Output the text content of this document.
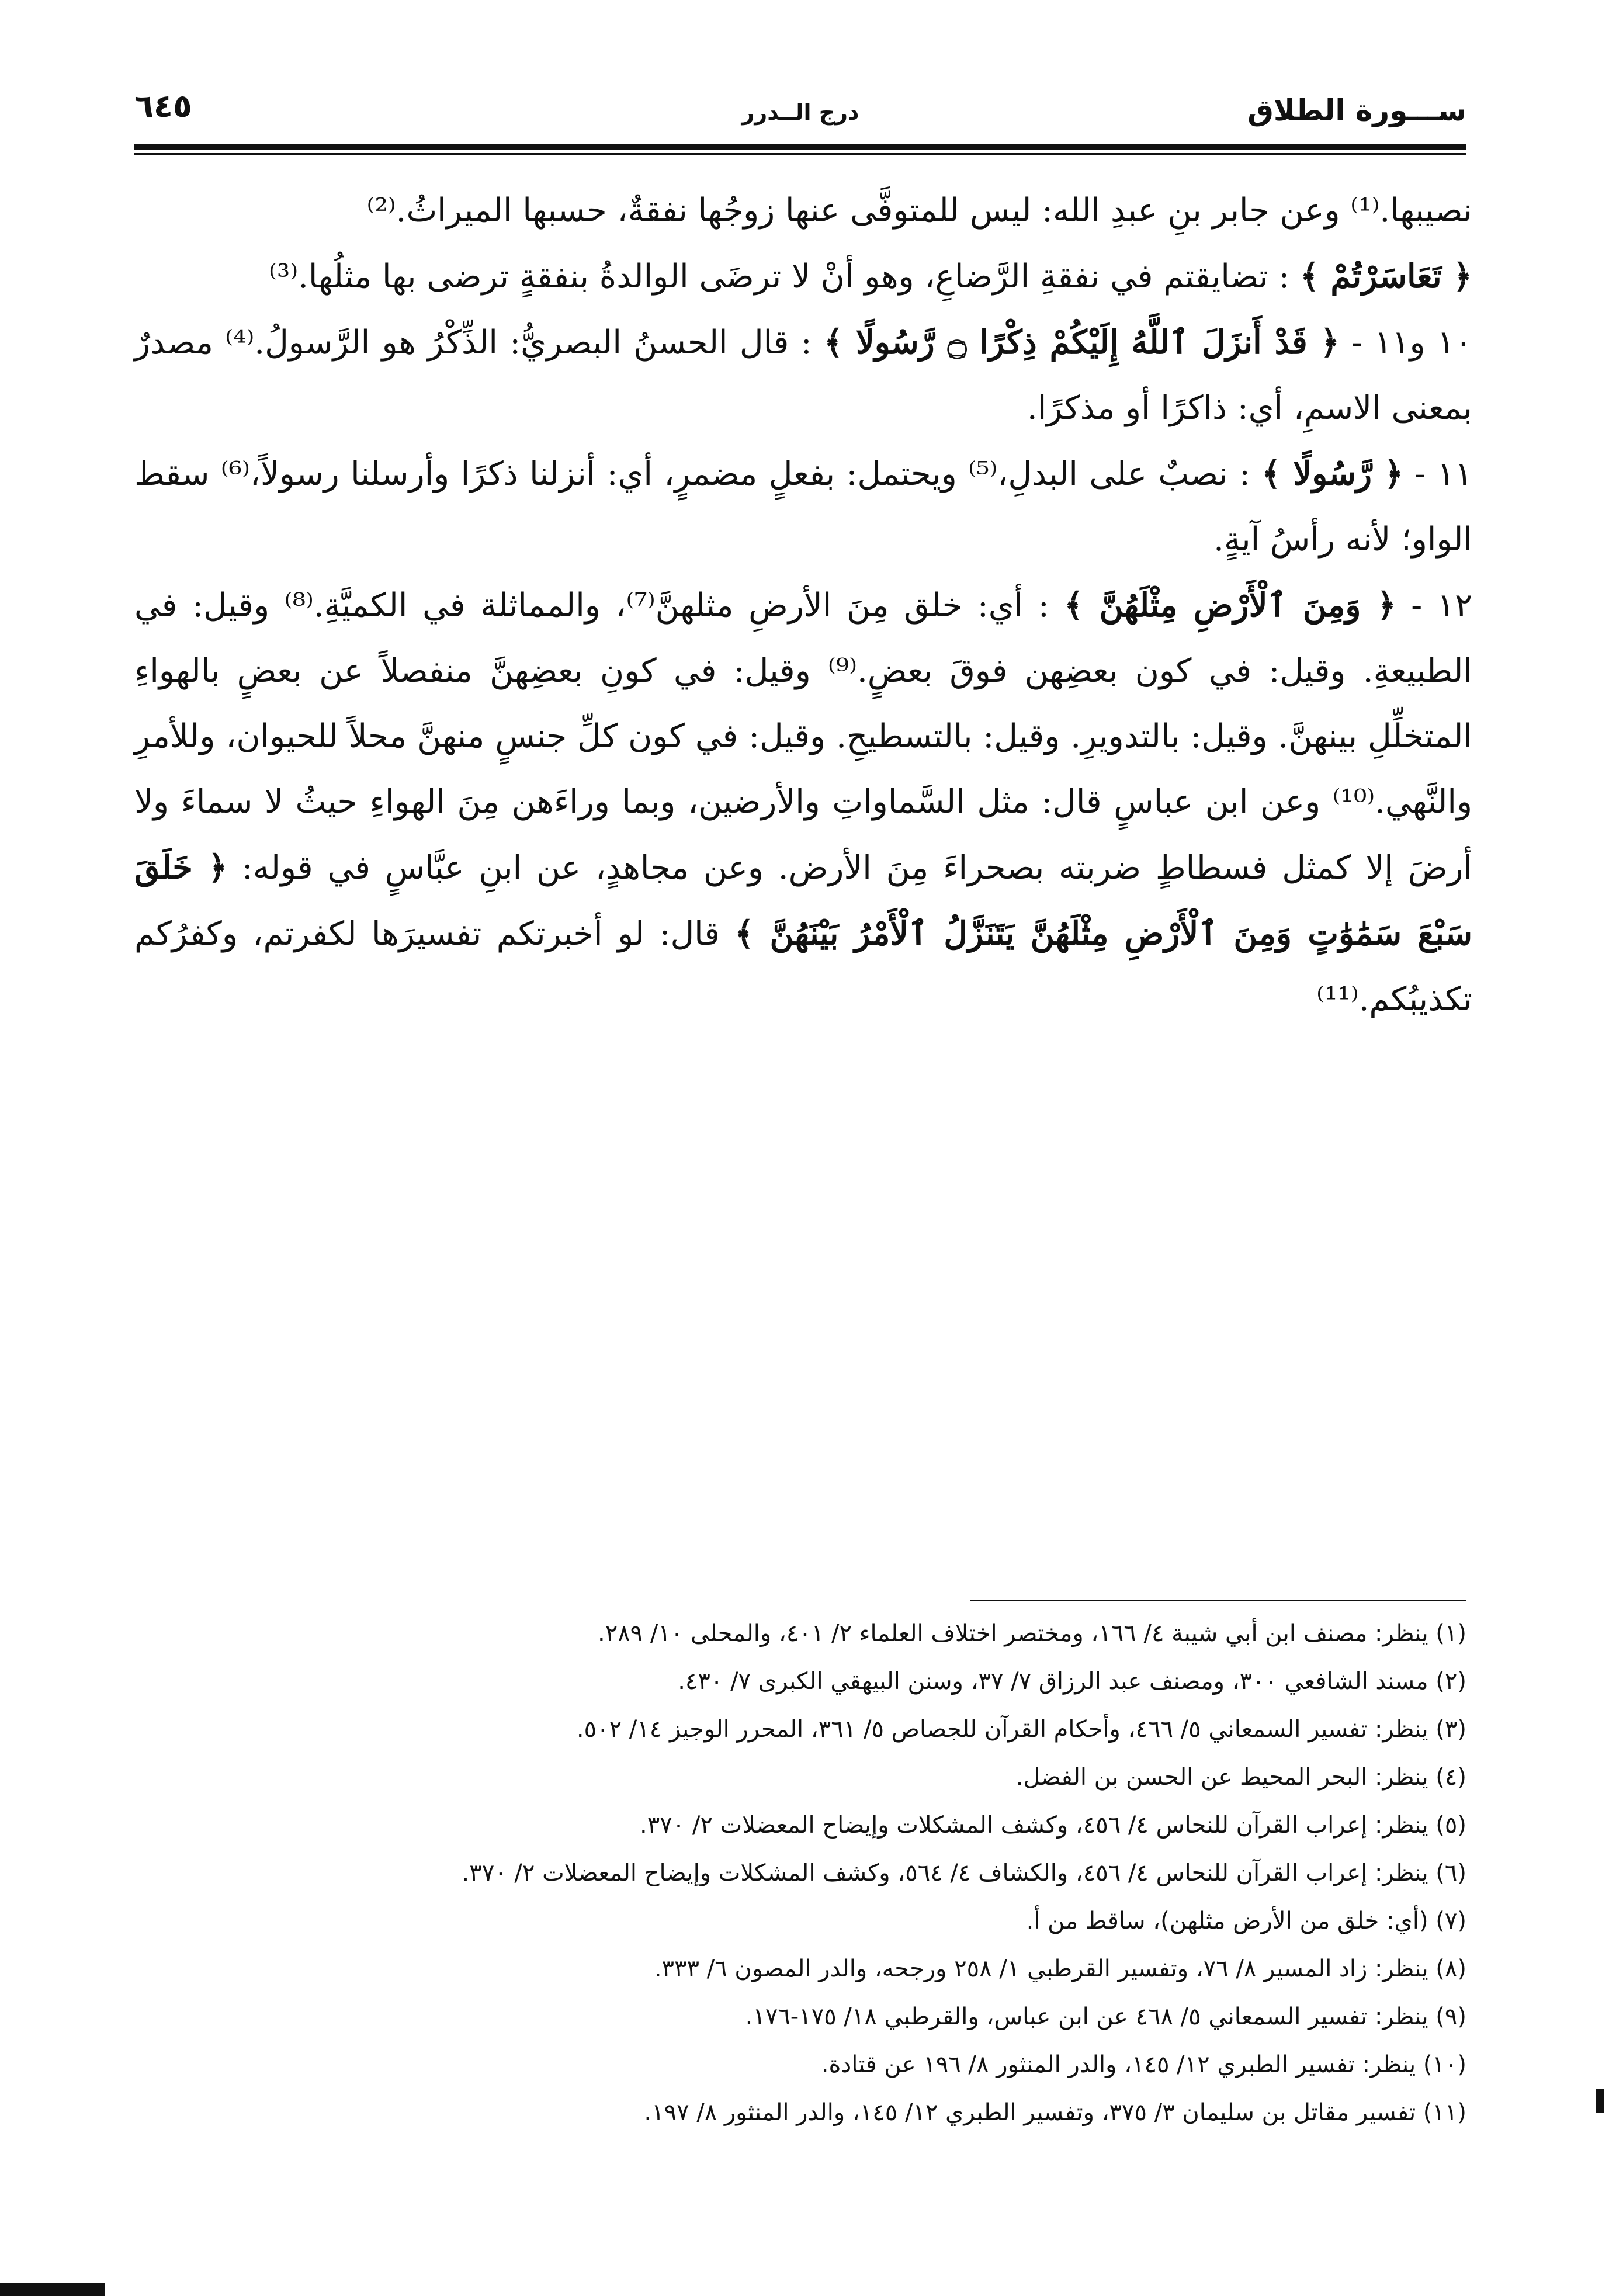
ســـورة الطلاق
درج الــدرر
٦٤٥

نصيبها.⁽¹⁾ وعن جابر بنِ عبدِ الله: ليس للمتوفَّى عنها زوجُها نفقةٌ، حسبها الميراثُ.⁽²⁾

﴿ تَعَاسَرْتُمْ ﴾ : تضايقتم في نفقةِ الرَّضاعِ، وهو أنْ لا ترضَى الوالدةُ بنفقةٍ ترضى بها مثلُها.⁽³⁾

١٠ و١١ - ﴿ قَدْ أَنزَلَ ٱللَّهُ إِلَيْكُمْ ذِكْرًا ۝ رَّسُولًا ﴾ : قال الحسنُ البصريُّ: الذِّكْرُ هو الرَّسولُ.⁽⁴⁾ مصدرٌ بمعنى الاسمِ، أي: ذاكرًا أو مذكرًا.

١١ - ﴿ رَّسُولًا ﴾ : نصبٌ على البدلِ،⁽⁵⁾ ويحتمل: بفعلٍ مضمرٍ، أي: أنزلنا ذكرًا وأرسلنا رسولاً،⁽⁶⁾ سقط الواو؛ لأنه رأسُ آيةٍ.

١٢ - ﴿ وَمِنَ ٱلْأَرْضِ مِثْلَهُنَّ ﴾ : أي: خلق مِنَ الأرضِ مثلهنَّ⁽⁷⁾، والمماثلة في الكميَّةِ.⁽⁸⁾ وقيل: في الطبيعةِ. وقيل: في كون بعضِهن فوقَ بعضٍ.⁽⁹⁾ وقيل: في كونِ بعضِهنَّ منفصلاً عن بعضٍ بالهواءِ المتخلِّلِ بينهنَّ. وقيل: بالتدويرِ. وقيل: بالتسطيحِ. وقيل: في كون كلِّ جنسٍ منهنَّ محلاً للحيوان، وللأمرِ والنَّهي.⁽¹⁰⁾ وعن ابن عباسٍ قال: مثل السَّماواتِ والأرضين، وبما وراءَهن مِنَ الهواءِ حيثُ لا سماءَ ولا أرضَ إلا كمثل فسطاطٍ ضربته بصحراءَ مِنَ الأرض. وعن مجاهدٍ، عن ابنِ عبَّاسٍ في قوله: ﴿ خَلَقَ سَبْعَ سَمَٰوَٰتٍ وَمِنَ ٱلْأَرْضِ مِثْلَهُنَّ يَتَنَزَّلُ ٱلْأَمْرُ بَيْنَهُنَّ ﴾ قال: لو أخبرتكم تفسيرَها لكفرتم، وكفرُكم تكذيبُكم.⁽¹¹⁾

(١) ينظر: مصنف ابن أبي شيبة ٤/ ١٦٦، ومختصر اختلاف العلماء ٢/ ٤٠١، والمحلى ١٠/ ٢٨٩.
(٢) مسند الشافعي ٣٠٠، ومصنف عبد الرزاق ٧/ ٣٧، وسنن البيهقي الكبرى ٧/ ٤٣٠.
(٣) ينظر: تفسير السمعاني ٥/ ٤٦٦، وأحكام القرآن للجصاص ٥/ ٣٦١، المحرر الوجيز ١٤/ ٥٠٢.
(٤) ينظر: البحر المحيط عن الحسن بن الفضل.
(٥) ينظر: إعراب القرآن للنحاس ٤/ ٤٥٦، وكشف المشكلات وإيضاح المعضلات ٢/ ٣٧٠.
(٦) ينظر: إعراب القرآن للنحاس ٤/ ٤٥٦، والكشاف ٤/ ٥٦٤، وكشف المشكلات وإيضاح المعضلات ٢/ ٣٧٠.
(٧) (أي: خلق من الأرض مثلهن)، ساقط من أ.
(٨) ينظر: زاد المسير ٨/ ٧٦، وتفسير القرطبي ١/ ٢٥٨ ورجحه، والدر المصون ٦/ ٣٣٣.
(٩) ينظر: تفسير السمعاني ٥/ ٤٦٨ عن ابن عباس، والقرطبي ١٨/ ١٧٥-١٧٦.
(١٠) ينظر: تفسير الطبري ١٢/ ١٤٥، والدر المنثور ٨/ ١٩٦ عن قتادة.
(١١) تفسير مقاتل بن سليمان ٣/ ٣٧٥، وتفسير الطبري ١٢/ ١٤٥، والدر المنثور ٨/ ١٩٧.
